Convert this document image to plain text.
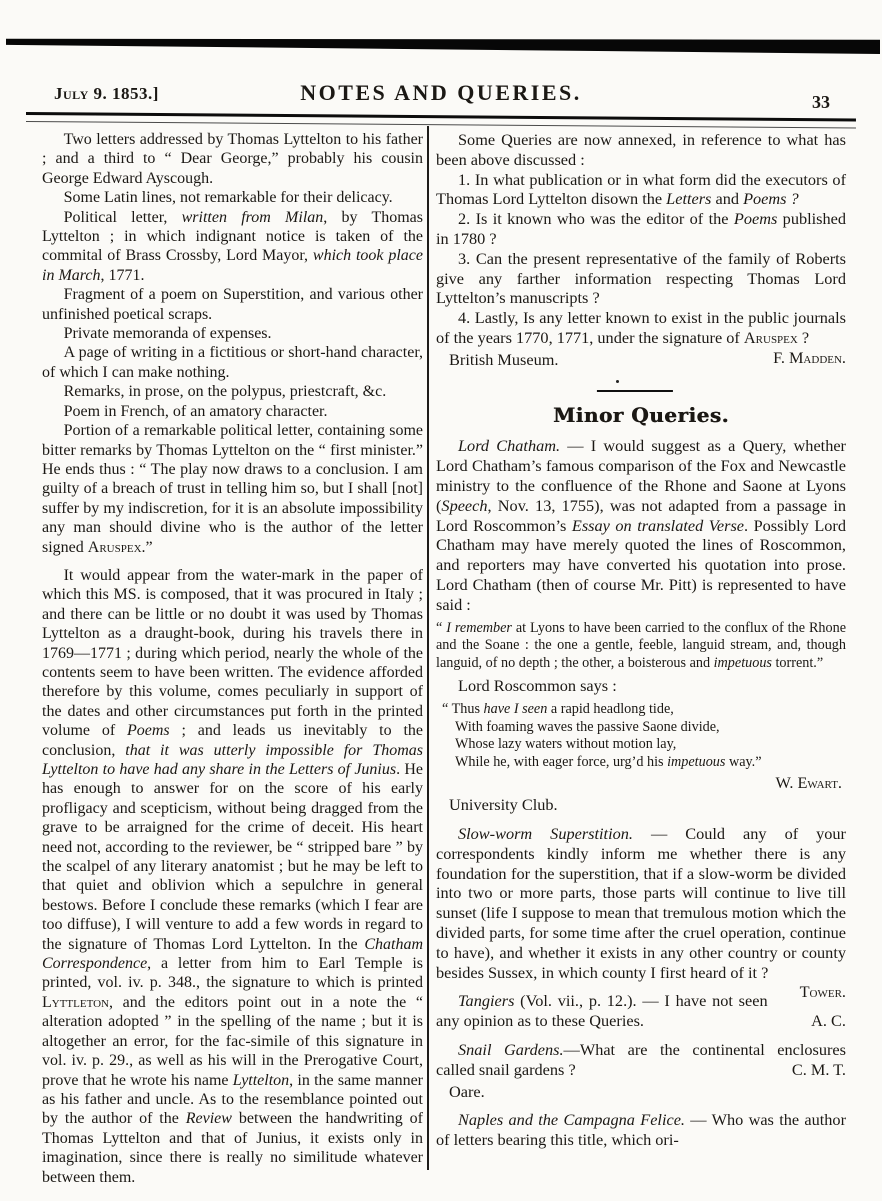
July 9. 1853.]	NOTES AND QUERIES.	33

Two letters addressed by Thomas Lyttelton to his father ; and a third to “ Dear George,” probably his cousin George Edward Ayscough.

Some Latin lines, not remarkable for their delicacy.

Political letter, written from Milan, by Thomas Lyttelton ; in which indignant notice is taken of the commital of Brass Crossby, Lord Mayor, which took place in March, 1771.

Fragment of a poem on Superstition, and various other unfinished poetical scraps.

Private memoranda of expenses.

A page of writing in a fictitious or short-hand character, of which I can make nothing.

Remarks, in prose, on the polypus, priestcraft, &c.

Poem in French, of an amatory character.

Portion of a remarkable political letter, containing some bitter remarks by Thomas Lyttelton on the “ first minister.” He ends thus : “ The play now draws to a conclusion. I am guilty of a breach of trust in telling him so, but I shall [not] suffer by my indiscretion, for it is an absolute impossibility any man should divine who is the author of the letter signed Aruspex.”

It would appear from the water-mark in the paper of which this MS. is composed, that it was procured in Italy ; and there can be little or no doubt it was used by Thomas Lyttelton as a draught-book, during his travels there in 1769—1771 ; during which period, nearly the whole of the contents seem to have been written. The evidence afforded therefore by this volume, comes peculiarly in support of the dates and other circumstances put forth in the printed volume of Poems ; and leads us inevitably to the conclusion, that it was utterly impossible for Thomas Lyttelton to have had any share in the Letters of Junius. He has enough to answer for on the score of his early profligacy and scepticism, without being dragged from the grave to be arraigned for the crime of deceit. His heart need not, according to the reviewer, be “ stripped bare ” by the scalpel of any literary anatomist ; but he may be left to that quiet and oblivion which a sepulchre in general bestows. Before I conclude these remarks (which I fear are too diffuse), I will venture to add a few words in regard to the signature of Thomas Lord Lyttelton. In the Chatham Correspondence, a letter from him to Earl Temple is printed, vol. iv. p. 348., the signature to which is printed Lyttleton, and the editors point out in a note the “ alteration adopted ” in the spelling of the name ; but it is altogether an error, for the fac-simile of this signature in vol. iv. p. 29., as well as his will in the Prerogative Court, prove that he wrote his name Lyttelton, in the same manner as his father and uncle. As to the resemblance pointed out by the author of the Review between the handwriting of Thomas Lyttelton and that of Junius, it exists only in imagination, since there is really no similitude whatever between them.

Some Queries are now annexed, in reference to what has been above discussed :

1. In what publication or in what form did the executors of Thomas Lord Lyttelton disown the Letters and Poems ?

2. Is it known who was the editor of the Poems published in 1780 ?

3. Can the present representative of the family of Roberts give any farther information respecting Thomas Lord Lyttelton’s manuscripts ?

4. Lastly, Is any letter known to exist in the public journals of the years 1770, 1771, under the signature of Aruspex ?
F. Madden.

British Museum.

Minor Queries.

Lord Chatham. — I would suggest as a Query, whether Lord Chatham’s famous comparison of the Fox and Newcastle ministry to the confluence of the Rhone and Saone at Lyons (Speech, Nov. 13, 1755), was not adapted from a passage in Lord Roscommon’s Essay on translated Verse. Possibly Lord Chatham may have merely quoted the lines of Roscommon, and reporters may have converted his quotation into prose. Lord Chatham (then of course Mr. Pitt) is represented to have said :

“ I remember at Lyons to have been carried to the conflux of the Rhone and the Soane : the one a gentle, feeble, languid stream, and, though languid, of no depth ; the other, a boisterous and impetuous torrent.”

Lord Roscommon says :

“ Thus have I seen a rapid headlong tide,
With foaming waves the passive Saone divide,
Whose lazy waters without motion lay,
While he, with eager force, urg’d his impetuous way.”

W. Ewart.

University Club.

Slow-worm Superstition. — Could any of your correspondents kindly inform me whether there is any foundation for the superstition, that if a slow-worm be divided into two or more parts, those parts will continue to live till sunset (life I suppose to mean that tremulous motion which the divided parts, for some time after the cruel operation, continue to have), and whether it exists in any other country or county besides Sussex, in which county I first heard of it ?
Tower.

Tangiers (Vol. vii., p. 12.). — I have not seen any opinion as to these Queries.	A. C.

Snail Gardens.—What are the continental enclosures called snail gardens ?	C. M. T.

Oare.

Naples and the Campagna Felice. — Who was the author of letters bearing this title, which ori-
